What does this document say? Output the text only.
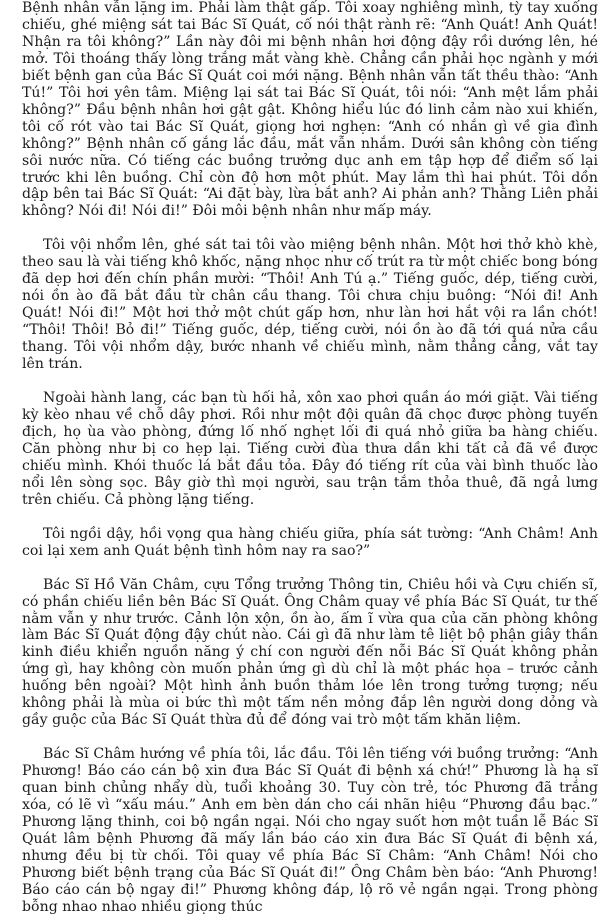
Bệnh nhân vẫn lặng im. Phải làm thật gấp. Tôi xoay nghiêng mình, tỳ tay xuống chiếu, ghé miệng sát tai Bác Sĩ Quát, cố nói thật rành rẽ: “Anh Quát! Anh Quát! Nhận ra tôi không?” Lần này đôi mi bệnh nhân hơi động đậy rồi dướng lên, hé mở. Tôi thoáng thấy lòng trắng mắt vàng khè. Chẳng cần phải học ngành y mới biết bệnh gan của Bác Sĩ Quát coi mới nặng. Bệnh nhân vẫn tất thều thào: “Anh Tú!” Tôi hơi yên tâm. Miệng lại sát tai Bác Sĩ Quát, tôi nói: “Anh mệt lắm phải không?” Đầu bệnh nhân hơi gật gật. Không hiểu lúc đó linh cảm nào xui khiến, tôi cố rót vào tai Bác Sĩ Quát, giọng hơi nghẹn: “Anh có nhắn gì về gia đình không?” Bệnh nhân cố gắng lắc đầu, mắt vẫn nhắm. Dưới sân không còn tiếng sôi nước nữa. Có tiếng các buồng trưởng dục anh em tập hợp để điểm số lại trước khi lên buồng. Chỉ còn độ hơn một phút. May lắm thì hai phút. Tôi dồn dập bên tai Bác Sĩ Quát: “Ai đặt bày, lừa bắt anh? Ai phản anh? Thằng Liên phải không? Nói đi! Nói đi!” Đôi môi bệnh nhân như mấp máy.

Tôi vội nhổm lên, ghé sát tai tôi vào miệng bệnh nhân. Một hơi thở khò khè, theo sau là vài tiếng khô khốc, nặng nhọc như cố trút ra từ một chiếc bong bóng đã dẹp hơi đến chín phần mười: “Thôi! Anh Tú ạ.” Tiếng guốc, dép, tiếng cười, nói ồn ào đã bắt đầu từ chân cầu thang. Tôi chưa chịu buông: “Nói đi! Anh Quát! Nói đi!” Một hơi thở một chút gấp hơn, như làn hơi hắt vội ra lần chót! “Thôi! Thôi! Bỏ đi!” Tiếng guốc, dép, tiếng cười, nói ồn ào đã tới quá nửa cầu thang. Tôi vội nhổm dậy, bước nhanh về chiếu mình, nằm thẳng cẳng, vắt tay lên trán.

Ngoài hành lang, các bạn tù hối hả, xôn xao phơi quần áo mới giặt. Vài tiếng kỳ kèo nhau về chỗ dây phơi. Rồi như một đội quân đã chọc được phòng tuyến địch, họ ùa vào phòng, đứng lố nhố nghẹt lối đi quá nhỏ giữa ba hàng chiếu. Căn phòng như bị co hẹp lại. Tiếng cười đùa thưa dần khi tất cả đã về được chiếu mình. Khói thuốc lá bắt đầu tỏa. Đây đó tiếng rít của vài bình thuốc lào nổi lên sòng sọc. Bây giờ thì mọi người, sau trận tắm thỏa thuê, đã ngả lưng trên chiếu. Cả phòng lặng tiếng.

Tôi ngồi dậy, hồi vọng qua hàng chiếu giữa, phía sát tường: “Anh Châm! Anh coi lại xem anh Quát bệnh tình hôm nay ra sao?”

Bác Sĩ Hồ Văn Châm, cựu Tổng trưởng Thông tin, Chiêu hồi và Cựu chiến sĩ, có phần chiếu liền bên Bác Sĩ Quát. Ông Châm quay về phía Bác Sĩ Quát, tư thế nằm vẫn y như trước. Cảnh lộn xộn, ồn ào, ấm ĩ vừa qua của căn phòng không làm Bác Sĩ Quát động đậy chút nào. Cái gì đã như làm tê liệt bộ phận giây thần kinh điều khiển nguồn năng ý chí con người đến nỗi Bác Sĩ Quát không phản ứng gì, hay không còn muốn phản ứng gì dù chỉ là một phác họa – trước cảnh huống bên ngoài? Một hình ảnh buồn thảm lóe lên trong tưởng tượng; nếu không phải là mùa oi bức thì một tấm nền mỏng đắp lên người dong dỏng và gầy guộc của Bác Sĩ Quát thừa đủ để đóng vai trò một tấm khăn liệm.

Bác Sĩ Châm hướng về phía tôi, lắc đầu. Tôi lên tiếng với buồng trưởng: “Anh Phương! Báo cáo cán bộ xin đưa Bác Sĩ Quát đi bệnh xá chứ!” Phương là hạ sĩ quan binh chủng nhẩy dù, tuổi khoảng 30. Tuy còn trẻ, tóc Phương đã trắng xóa, có lẽ vì “xấu máu.” Anh em bèn dán cho cái nhãn hiệu “Phương đầu bạc.” Phương lặng thinh, coi bộ ngần ngại. Nói cho ngay suốt hơn một tuần lễ Bác Sĩ Quát lâm bệnh Phương đã mấy lần báo cáo xin đưa Bác Sĩ Quát đi bệnh xá, nhưng đều bị từ chối. Tôi quay về phía Bác Sĩ Châm: “Anh Châm! Nói cho Phương biết bệnh trạng của Bác Sĩ Quát đi!” Ông Châm bèn báo: “Anh Phương! Báo cáo cán bộ ngay đi!” Phương không đáp, lộ rõ vẻ ngần ngại. Trong phòng bỗng nhao nhao nhiều giọng thúc
